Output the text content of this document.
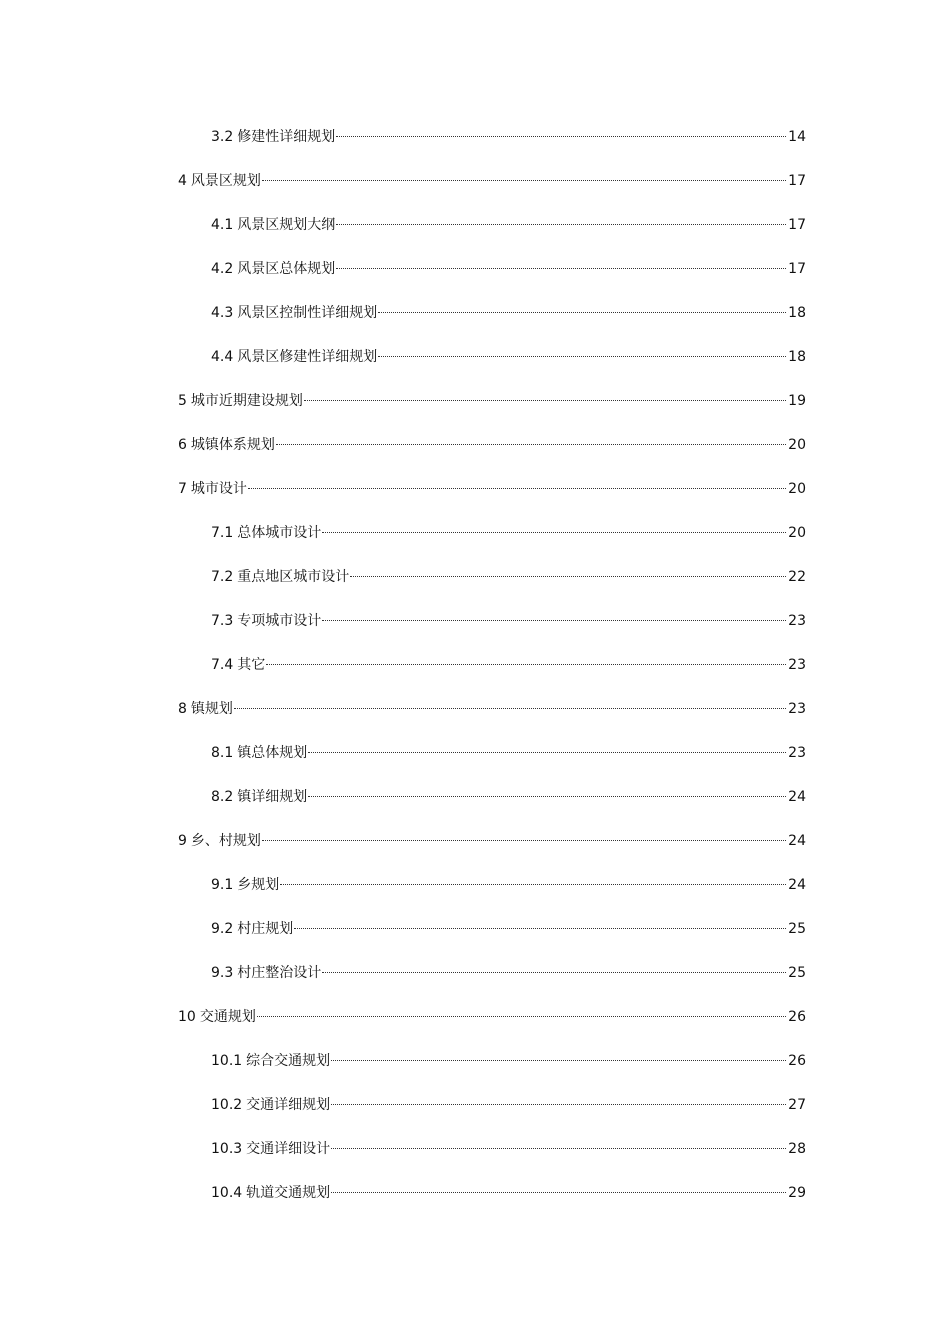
3.2 修建性详细规划	14
4 风景区规划	17
4.1 风景区规划大纲	17
4.2 风景区总体规划	17
4.3 风景区控制性详细规划	18
4.4 风景区修建性详细规划	18
5 城市近期建设规划	19
6 城镇体系规划	20
7 城市设计	20
7.1 总体城市设计	20
7.2 重点地区城市设计	22
7.3 专项城市设计	23
7.4 其它	23
8 镇规划	23
8.1 镇总体规划	23
8.2 镇详细规划	24
9 乡、村规划	24
9.1 乡规划	24
9.2 村庄规划	25
9.3 村庄整治设计	25
10 交通规划	26
10.1 综合交通规划	26
10.2 交通详细规划	27
10.3 交通详细设计	28
10.4 轨道交通规划	29
